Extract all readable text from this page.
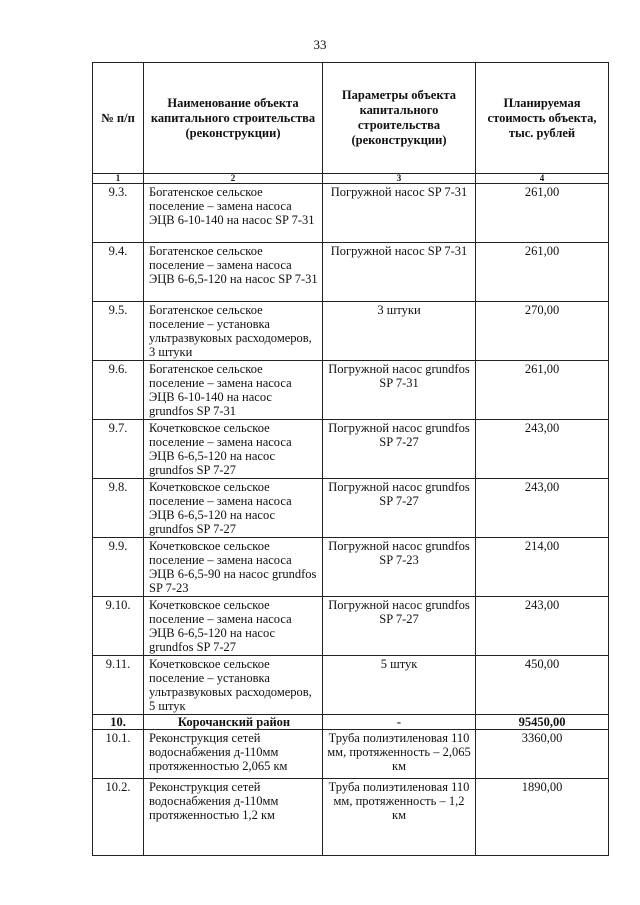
33
№ п/п	Наименование объекта капитального строительства (реконструкции)	Параметры объекта капитального строительства (реконструкции)	Планируемая стоимость объекта, тыс. рублей
1	2	3	4
9.3.	Богатенское сельское поселение – замена насоса ЭЦВ 6-10-140 на насос SP 7-31	Погружной насос SP 7-31	261,00
9.4.	Богатенское сельское поселение – замена насоса ЭЦВ 6-6,5-120 на насос SP 7-31	Погружной насос SP 7-31	261,00
9.5.	Богатенское сельское поселение – установка ультразвуковых расходомеров, 3 штуки	3 штуки	270,00
9.6.	Богатенское сельское поселение – замена насоса ЭЦВ 6-10-140 на насос grundfos SP 7-31	Погружной насос grundfos SP 7-31	261,00
9.7.	Кочетковское сельское поселение – замена насоса ЭЦВ 6-6,5-120 на насос grundfos SP 7-27	Погружной насос grundfos SP 7-27	243,00
9.8.	Кочетковское сельское поселение – замена насоса ЭЦВ 6-6,5-120 на насос grundfos SP 7-27	Погружной насос grundfos SP 7-27	243,00
9.9.	Кочетковское сельское поселение – замена насоса ЭЦВ 6-6,5-90 на насос grundfos SP 7-23	Погружной насос grundfos SP 7-23	214,00
9.10.	Кочетковское сельское поселение – замена насоса ЭЦВ 6-6,5-120 на насос grundfos SP 7-27	Погружной насос grundfos SP 7-27	243,00
9.11.	Кочетковское сельское поселение – установка ультразвуковых расходомеров, 5 штук	5 штук	450,00
10.	Корочанский район	-	95450,00
10.1.	Реконструкция сетей водоснабжения д-110мм протяженностью 2,065 км	Труба полиэтиленовая 110 мм, протяженность – 2,065 км	3360,00
10.2.	Реконструкция сетей водоснабжения д-110мм протяженностью 1,2 км	Труба полиэтиленовая 110 мм, протяженность – 1,2 км	1890,00
